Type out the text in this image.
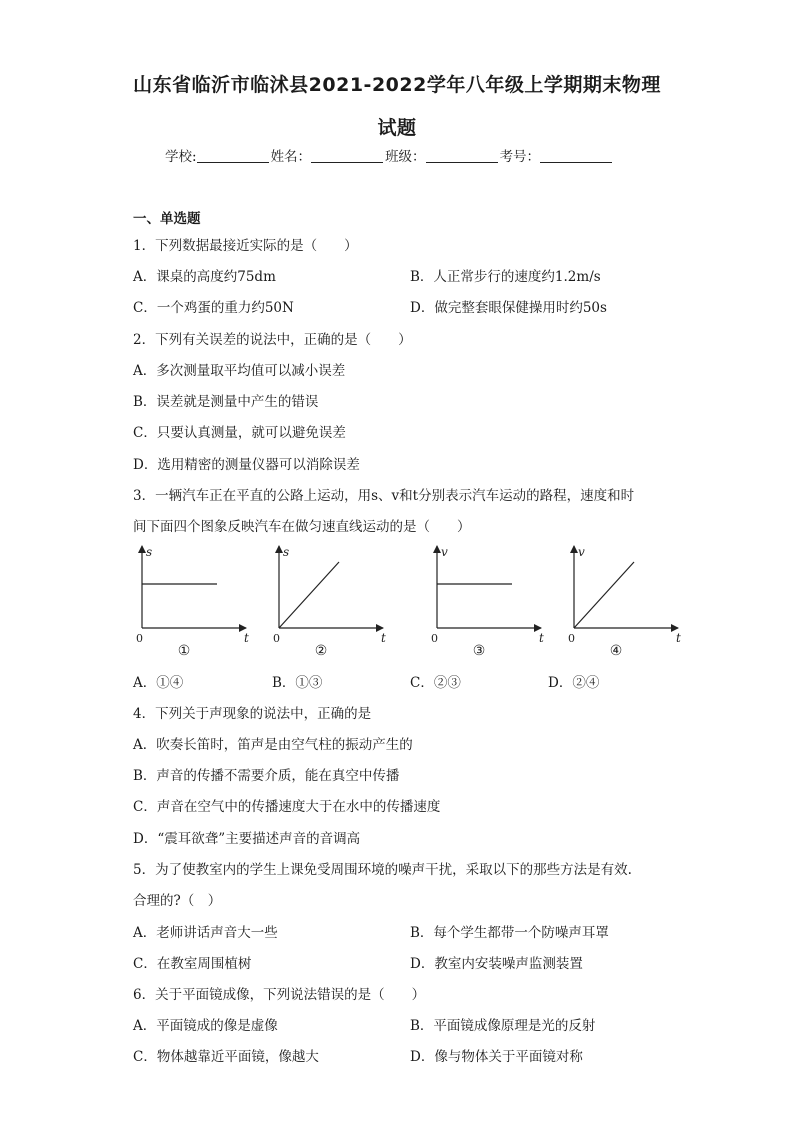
山东省临沂市临沭县2021-2022学年八年级上学期期末物理
试题
学校:	姓名：	班级：	考号：
一、单选题
1．下列数据最接近实际的是（　　）
A．课桌的高度约75dm	B．人正常步行的速度约1.2m/s
C．一个鸡蛋的重力约50N	D．做完整套眼保健操用时约50s
2．下列有关误差的说法中，正确的是（　　）
A．多次测量取平均值可以减小误差
B．误差就是测量中产生的错误
C．只要认真测量，就可以避免误差
D．选用精密的测量仪器可以消除误差
3．一辆汽车正在平直的公路上运动，用s、v和t分别表示汽车运动的路程，速度和时
间下面四个图象反映汽车在做匀速直线运动的是（　　）
s
t
0
①
s
t
0
②
v
t
0
③
v
t
0
④
A．①④	B．①③	C．②③	D．②④
4．下列关于声现象的说法中，正确的是
A．吹奏长笛时，笛声是由空气柱的振动产生的
B．声音的传播不需要介质，能在真空中传播
C．声音在空气中的传播速度大于在水中的传播速度
D．“震耳欲聋”主要描述声音的音调高
5．为了使教室内的学生上课免受周围环境的噪声干扰，采取以下的那些方法是有效.
合理的?（　）
A．老师讲话声音大一些	B．每个学生都带一个防噪声耳罩
C．在教室周围植树	D．教室内安装噪声监测装置
6．关于平面镜成像，下列说法错误的是（　　）
A．平面镜成的像是虚像	B．平面镜成像原理是光的反射
C．物体越靠近平面镜，像越大	D．像与物体关于平面镜对称
